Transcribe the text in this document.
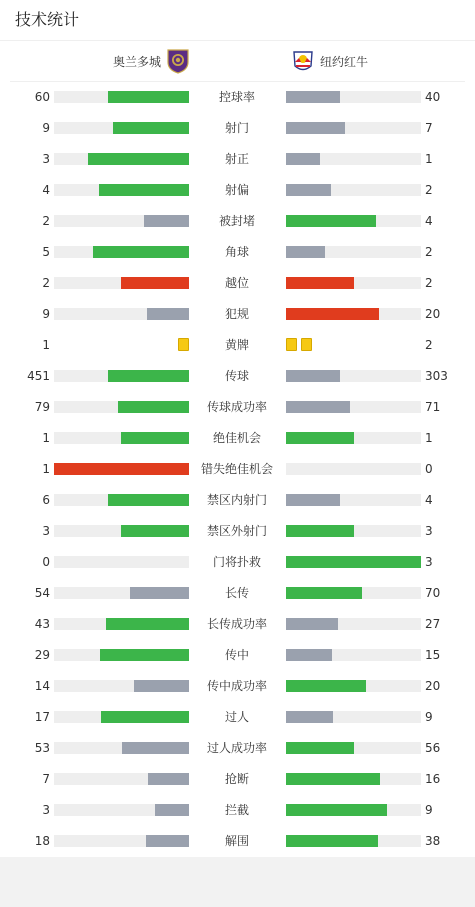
技术统计
奥兰多城	纽约红牛
60	控球率	40
9	射门	7
3	射正	1
4	射偏	2
2	被封堵	4
5	角球	2
2	越位	2
9	犯规	20
1	黄牌	2
451	传球	303
79	传球成功率	71
1	绝佳机会	1
1	错失绝佳机会	0
6	禁区内射门	4
3	禁区外射门	3
0	门将扑救	3
54	长传	70
43	长传成功率	27
29	传中	15
14	传中成功率	20
17	过人	9
53	过人成功率	56
7	抢断	16
3	拦截	9
18	解围	38
